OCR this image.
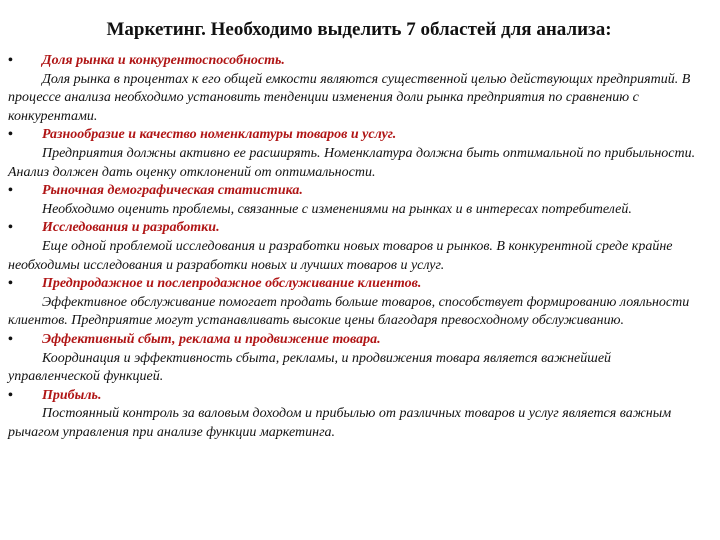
Маркетинг. Необходимо выделить 7 областей для анализа:
• Доля рынка и конкурентоспособность.

Доля рынка в процентах к его общей емкости являются существенной целью действующих предприятий. В процессе анализа необходимо установить тенденции изменения доли рынка предприятия по сравнению с конкурентами.

• Разнообразие и качество номенклатуры товаров и услуг.

Предприятия должны активно ее расширять. Номенклатура должна быть оптимальной по прибыльности. Анализ должен дать оценку отклонений от оптимальности.

• Рыночная демографическая статистика.

Необходимо оценить проблемы, связанные с изменениями на рынках и в интересах потребителей.

• Исследования и разработки.

Еще одной проблемой исследования и разработки новых товаров и рынков. В конкурентной среде крайне необходимы исследования и разработки новых и лучших товаров и услуг.

• Предпродажное и послепродажное обслуживание клиентов.

Эффективное обслуживание помогает продать больше товаров, способствует формированию лояльности клиентов. Предприятие могут устанавливать высокие цены благодаря превосходному обслуживанию.

• Эффективный сбыт, реклама и продвижение товара.

Координация и эффективность сбыта, рекламы, и продвижения товара является важнейшей управленческой функцией.

• Прибыль.

Постоянный контроль за валовым доходом и прибылью от различных товаров и услуг является важным рычагом управления при анализе функции маркетинга.
